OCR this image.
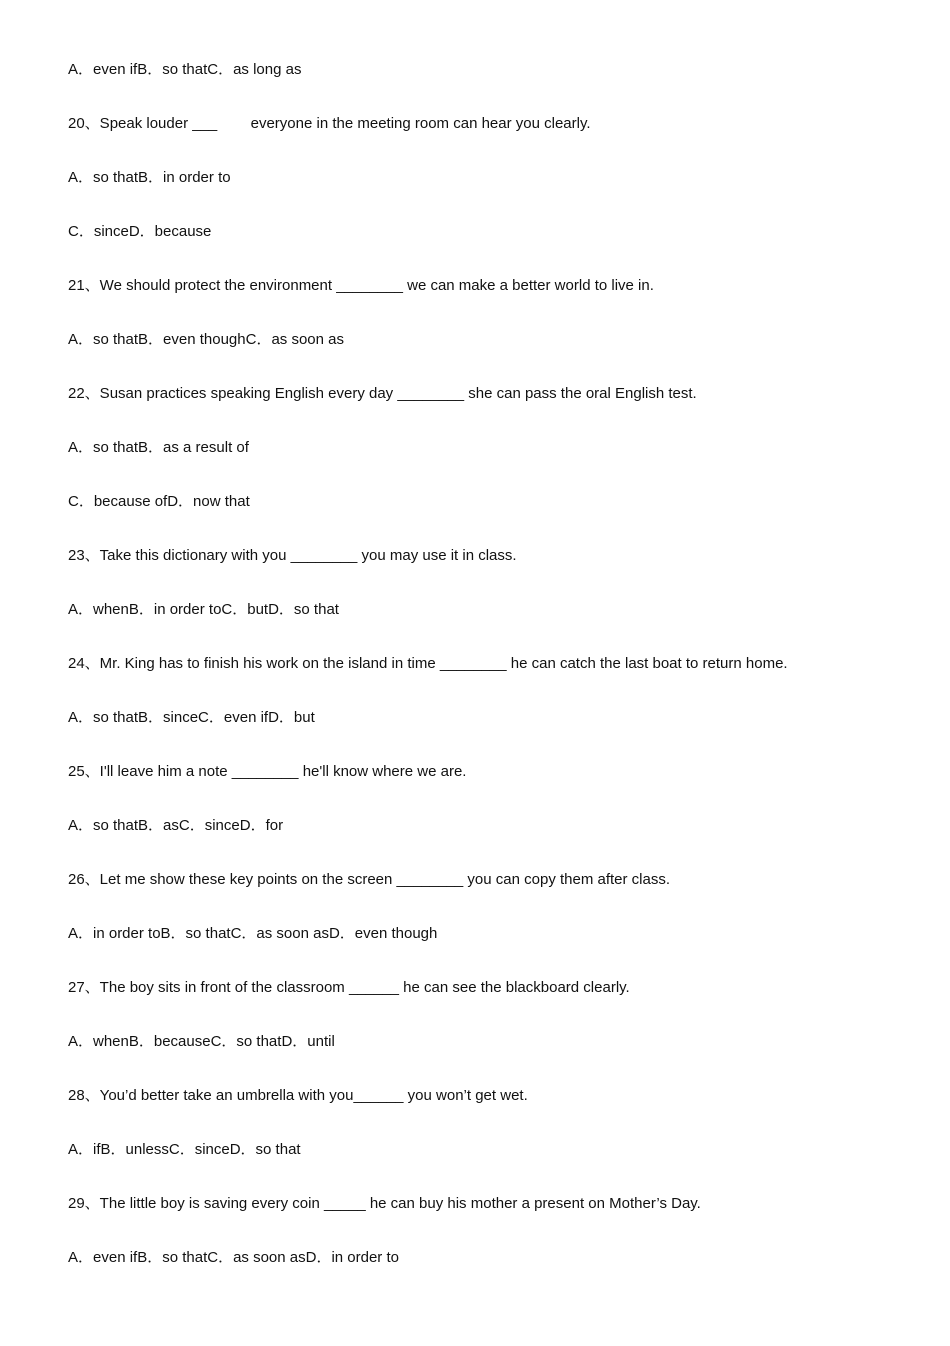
A．even ifB．so thatC．as long as
20、Speak louder ___        everyone in the meeting room can hear you clearly.
A．so thatB．in order to
C．sinceD．because
21、We should protect the environment ________ we can make a better world to live in.
A．so thatB．even thoughC．as soon as
22、Susan practices speaking English every day ________ she can pass the oral English test.
A．so thatB．as a result of
C．because ofD．now that
23、Take this dictionary with you ________ you may use it in class.
A．whenB．in order toC．butD．so that
24、Mr. King has to finish his work on the island in time ________ he can catch the last boat to return home.
A．so thatB．sinceC．even ifD．but
25、I'll leave him a note ________ he'll know where we are.
A．so thatB．asC．sinceD．for
26、Let me show these key points on the screen ________ you can copy them after class.
A．in order toB．so thatC．as soon asD．even though
27、The boy sits in front of the classroom ______ he can see the blackboard clearly.
A．whenB．becauseC．so thatD．until
28、You’d better take an umbrella with you______ you won’t get wet.
A．ifB．unlessC．sinceD．so that
29、The little boy is saving every coin _____ he can buy his mother a present on Mother’s Day.
A．even ifB．so thatC．as soon asD．in order to
